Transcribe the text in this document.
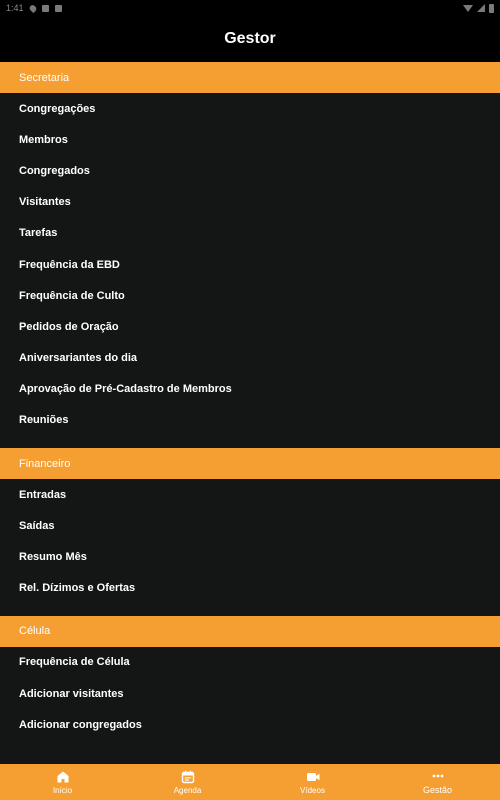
1:41
Gestor
Secretaria
Congregações
Membros
Congregados
Visitantes
Tarefas
Frequência da EBD
Frequência de Culto
Pedidos de Oração
Aniversariantes do dia
Aprovação de Pré-Cadastro de Membros
Reuniões
Financeiro
Entradas
Saídas
Resumo Mês
Rel. Dízimos e Ofertas
Célula
Frequência de Célula
Adicionar visitantes
Adicionar congregados
Início	Agenda	Vídeos	Gestão
